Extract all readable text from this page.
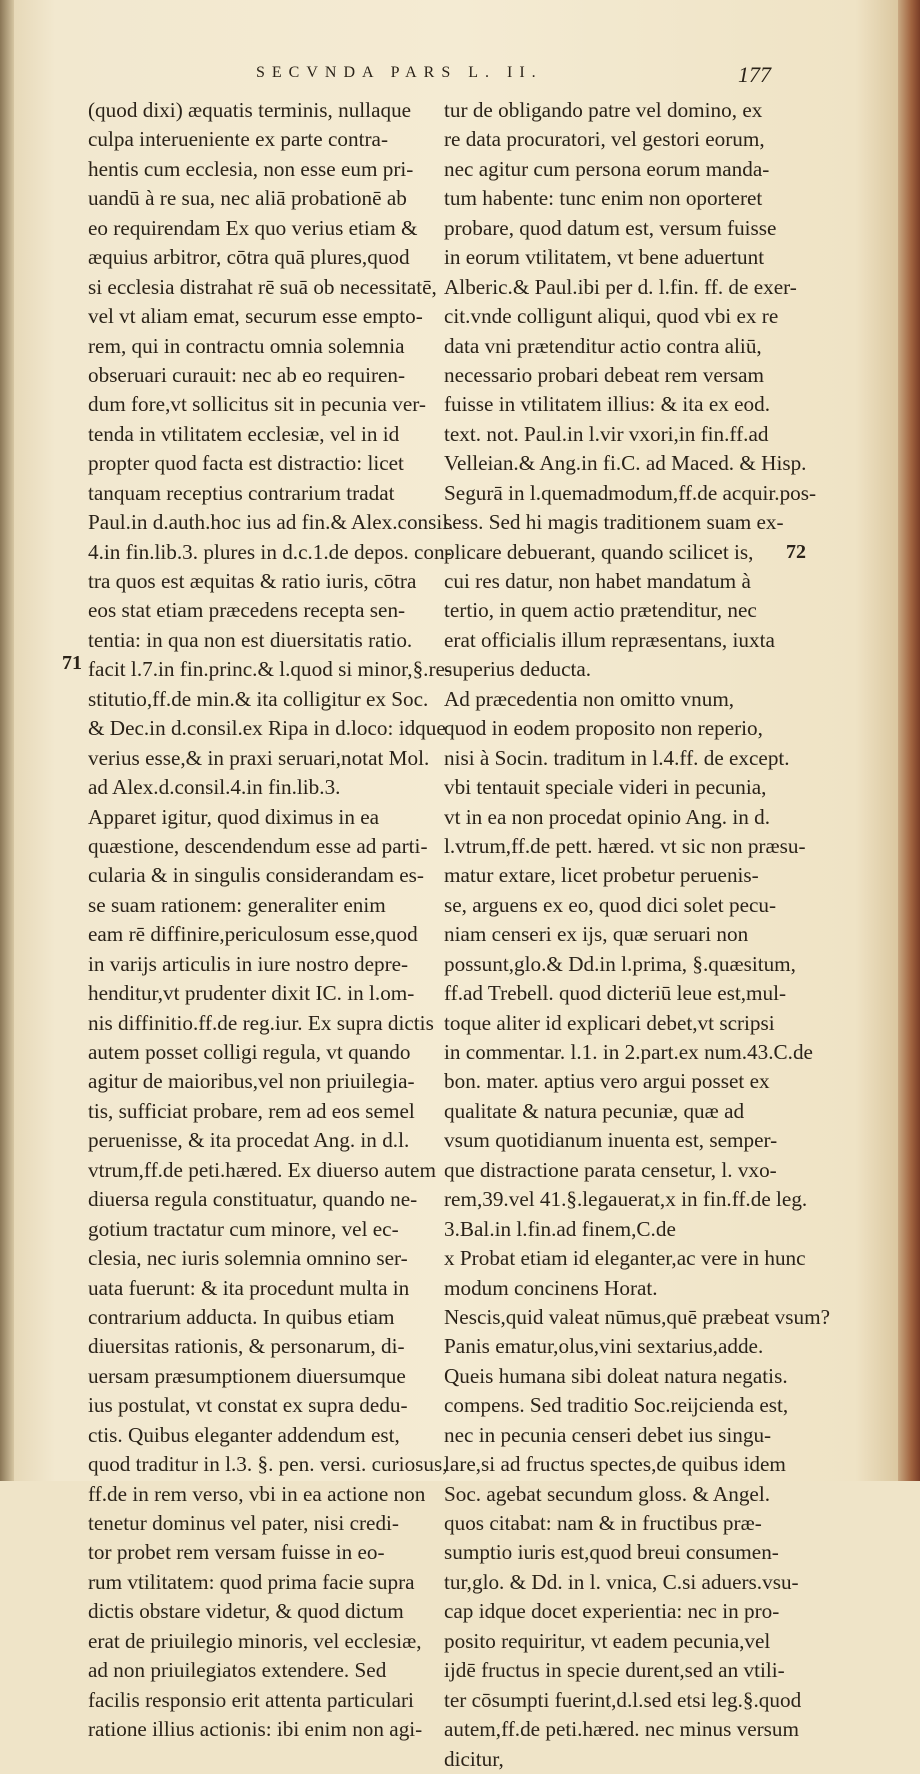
SECVNDA PARS L. II.	177
71
72
(quod dixi) æquatis terminis, nullaque
culpa interueniente ex parte contra-
hentis cum ecclesia, non esse eum pri-
uandū à re sua, nec aliā probationē ab
eo requirendam Ex quo verius etiam &
æquius arbitror, cōtra quā plures,quod
si ecclesia distrahat rē suā ob necessitatē,
vel vt aliam emat, securum esse empto-
rem, qui in contractu omnia solemnia
obseruari curauit: nec ab eo requiren-
dum fore,vt sollicitus sit in pecunia ver-
tenda in vtilitatem ecclesiæ, vel in id
propter quod facta est distractio: licet
tanquam receptius contrarium tradat
Paul.in d.auth.hoc ius ad fin.& Alex.consil.
4.in fin.lib.3. plures in d.c.1.de depos. con-
tra quos est æquitas & ratio iuris, cōtra
eos stat etiam præcedens recepta sen-
tentia: in qua non est diuersitatis ratio.
facit l.7.in fin.princ.& l.quod si minor,§.re-
stitutio,ff.de min.& ita colligitur ex Soc.
& Dec.in d.consil.ex Ripa in d.loco: idque
verius esse,& in praxi seruari,notat Mol.
ad Alex.d.consil.4.in fin.lib.3.
Apparet igitur, quod diximus in ea
quæstione, descendendum esse ad parti-
cularia & in singulis considerandam es-
se suam rationem: generaliter enim
eam rē diffinire,periculosum esse,quod
in varijs articulis in iure nostro depre-
henditur,vt prudenter dixit IC. in l.om-
nis diffinitio.ff.de reg.iur. Ex supra dictis
autem posset colligi regula, vt quando
agitur de maioribus,vel non priuilegia-
tis, sufficiat probare, rem ad eos semel
peruenisse, & ita procedat Ang. in d.l.
vtrum,ff.de peti.hæred. Ex diuerso autem
diuersa regula constituatur, quando ne-
gotium tractatur cum minore, vel ec-
clesia, nec iuris solemnia omnino ser-
uata fuerunt: & ita procedunt multa in
contrarium adducta. In quibus etiam
diuersitas rationis, & personarum, di-
uersam præsumptionem diuersumque
ius postulat, vt constat ex supra dedu-
ctis. Quibus eleganter addendum est,
quod traditur in l.3. §. pen. versi. curiosus,
ff.de in rem verso, vbi in ea actione non
tenetur dominus vel pater, nisi credi-
tor probet rem versam fuisse in eo-
rum vtilitatem: quod prima facie supra
dictis obstare videtur, & quod dictum
erat de priuilegio minoris, vel ecclesiæ,
ad non priuilegiatos extendere. Sed
facilis responsio erit attenta particulari
ratione illius actionis: ibi enim non agi-
tur de obligando patre vel domino, ex
re data procuratori, vel gestori eorum,
nec agitur cum persona eorum manda-
tum habente: tunc enim non oporteret
probare, quod datum est, versum fuisse
in eorum vtilitatem, vt bene aduertunt
Alberic.& Paul.ibi per d. l.fin. ff. de exer-
cit.vnde colligunt aliqui, quod vbi ex re
data vni prætenditur actio contra aliū,
necessario probari debeat rem versam
fuisse in vtilitatem illius: & ita ex eod.
text. not. Paul.in l.vir vxori,in fin.ff.ad
Velleian.& Ang.in fi.C. ad Maced. & Hisp.
Segurā in l.quemadmodum,ff.de acquir.pos-
sess. Sed hi magis traditionem suam ex-
plicare debuerant, quando scilicet is,
cui res datur, non habet mandatum à
tertio, in quem actio prætenditur, nec
erat officialis illum repræsentans, iuxta
superius deducta.
Ad præcedentia non omitto vnum,
quod in eodem proposito non reperio,
nisi à Socin. traditum in l.4.ff. de except.
vbi tentauit speciale videri in pecunia,
vt in ea non procedat opinio Ang. in d.
l.vtrum,ff.de pett. hæred. vt sic non præsu-
matur extare, licet probetur peruenis-
se, arguens ex eo, quod dici solet pecu-
niam censeri ex ijs, quæ seruari non
possunt,glo.& Dd.in l.prima, §.quæsitum,
ff.ad Trebell. quod dicteriū leue est,mul-
toque aliter id explicari debet,vt scripsi
in commentar. l.1. in 2.part.ex num.43.C.de
bon. mater. aptius vero argui posset ex
qualitate & natura pecuniæ, quæ ad
vsum quotidianum inuenta est, semper-
que distractione parata censetur, l. vxo-
rem,39.vel 41.§.legauerat,x in fin.ff.de leg.
3.Bal.in l.fin.ad finem,C.de
x Probat etiam id eleganter,ac vere in hunc
modum concinens Horat.
Nescis,quid valeat nūmus,quē præbeat vsum?
Panis ematur,olus,vini sextarius,adde.
Queis humana sibi doleat natura negatis.
compens. Sed traditio Soc.reijcienda est,
nec in pecunia censeri debet ius singu-
lare,si ad fructus spectes,de quibus idem
Soc. agebat secundum gloss. & Angel.
quos citabat: nam & in fructibus præ-
sumptio iuris est,quod breui consumen-
tur,glo. & Dd. in l. vnica, C.si aduers.vsu-
cap idque docet experientia: nec in pro-
posito requiritur, vt eadem pecunia,vel
ijdē fructus in specie durent,sed an vtili-
ter cōsumpti fuerint,d.l.sed etsi leg.§.quod
autem,ff.de peti.hæred. nec minus versum
dicitur,
